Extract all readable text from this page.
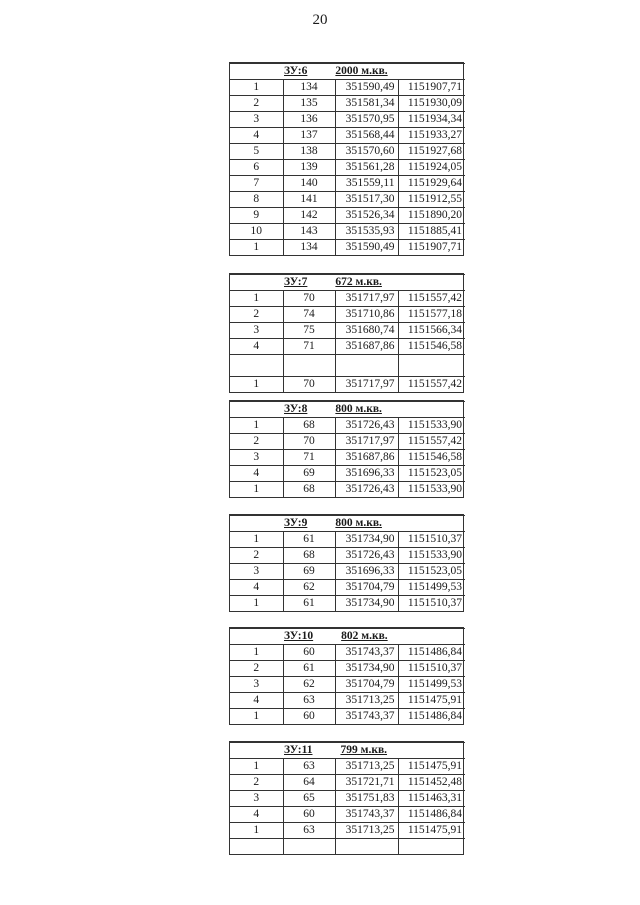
20
ЗУ:6 2000 м.кв.			
1	134	351590,49	1151907,71
2	135	351581,34	1151930,09
3	136	351570,95	1151934,34
4	137	351568,44	1151933,27
5	138	351570,60	1151927,68
6	139	351561,28	1151924,05
7	140	351559,11	1151929,64
8	141	351517,30	1151912,55
9	142	351526,34	1151890,20
10	143	351535,93	1151885,41
1	134	351590,49	1151907,71
ЗУ:7 672 м.кв.			
1	70	351717,97	1151557,42
2	74	351710,86	1151577,18
3	75	351680,74	1151566,34
4	71	351687,86	1151546,58

1	70	351717,97	1151557,42
ЗУ:8 800 м.кв.			
1	68	351726,43	1151533,90
2	70	351717,97	1151557,42
3	71	351687,86	1151546,58
4	69	351696,33	1151523,05
1	68	351726,43	1151533,90
ЗУ:9 800 м.кв.			
1	61	351734,90	1151510,37
2	68	351726,43	1151533,90
3	69	351696,33	1151523,05
4	62	351704,79	1151499,53
1	61	351734,90	1151510,37
ЗУ:10 802 м.кв.			
1	60	351743,37	1151486,84
2	61	351734,90	1151510,37
3	62	351704,79	1151499,53
4	63	351713,25	1151475,91
1	60	351743,37	1151486,84
ЗУ:11 799 м.кв.			
1	63	351713,25	1151475,91
2	64	351721,71	1151452,48
3	65	351751,83	1151463,31
4	60	351743,37	1151486,84
1	63	351713,25	1151475,91
